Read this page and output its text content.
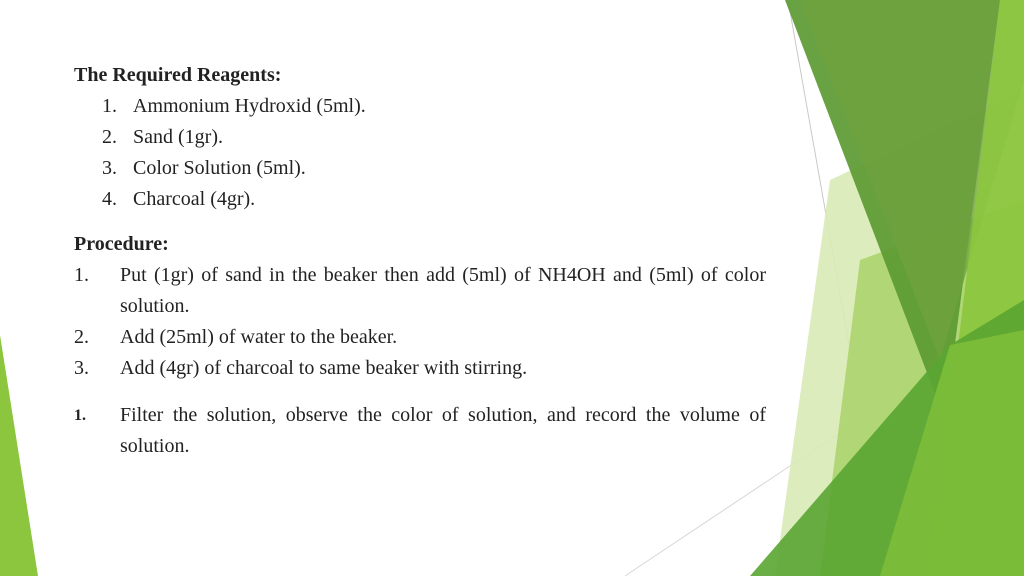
The Required Reagents:
1. Ammonium Hydroxid (5ml).
2. Sand (1gr).
3. Color Solution (5ml).
4. Charcoal (4gr).
Procedure:
1. Put (1gr) of sand in the beaker then add (5ml) of NH4OH and (5ml) of color solution.
2. Add (25ml) of water to the beaker.
3. Add (4gr) of charcoal to same beaker with stirring.
1. Filter the solution, observe the color of solution, and record the volume of solution.
